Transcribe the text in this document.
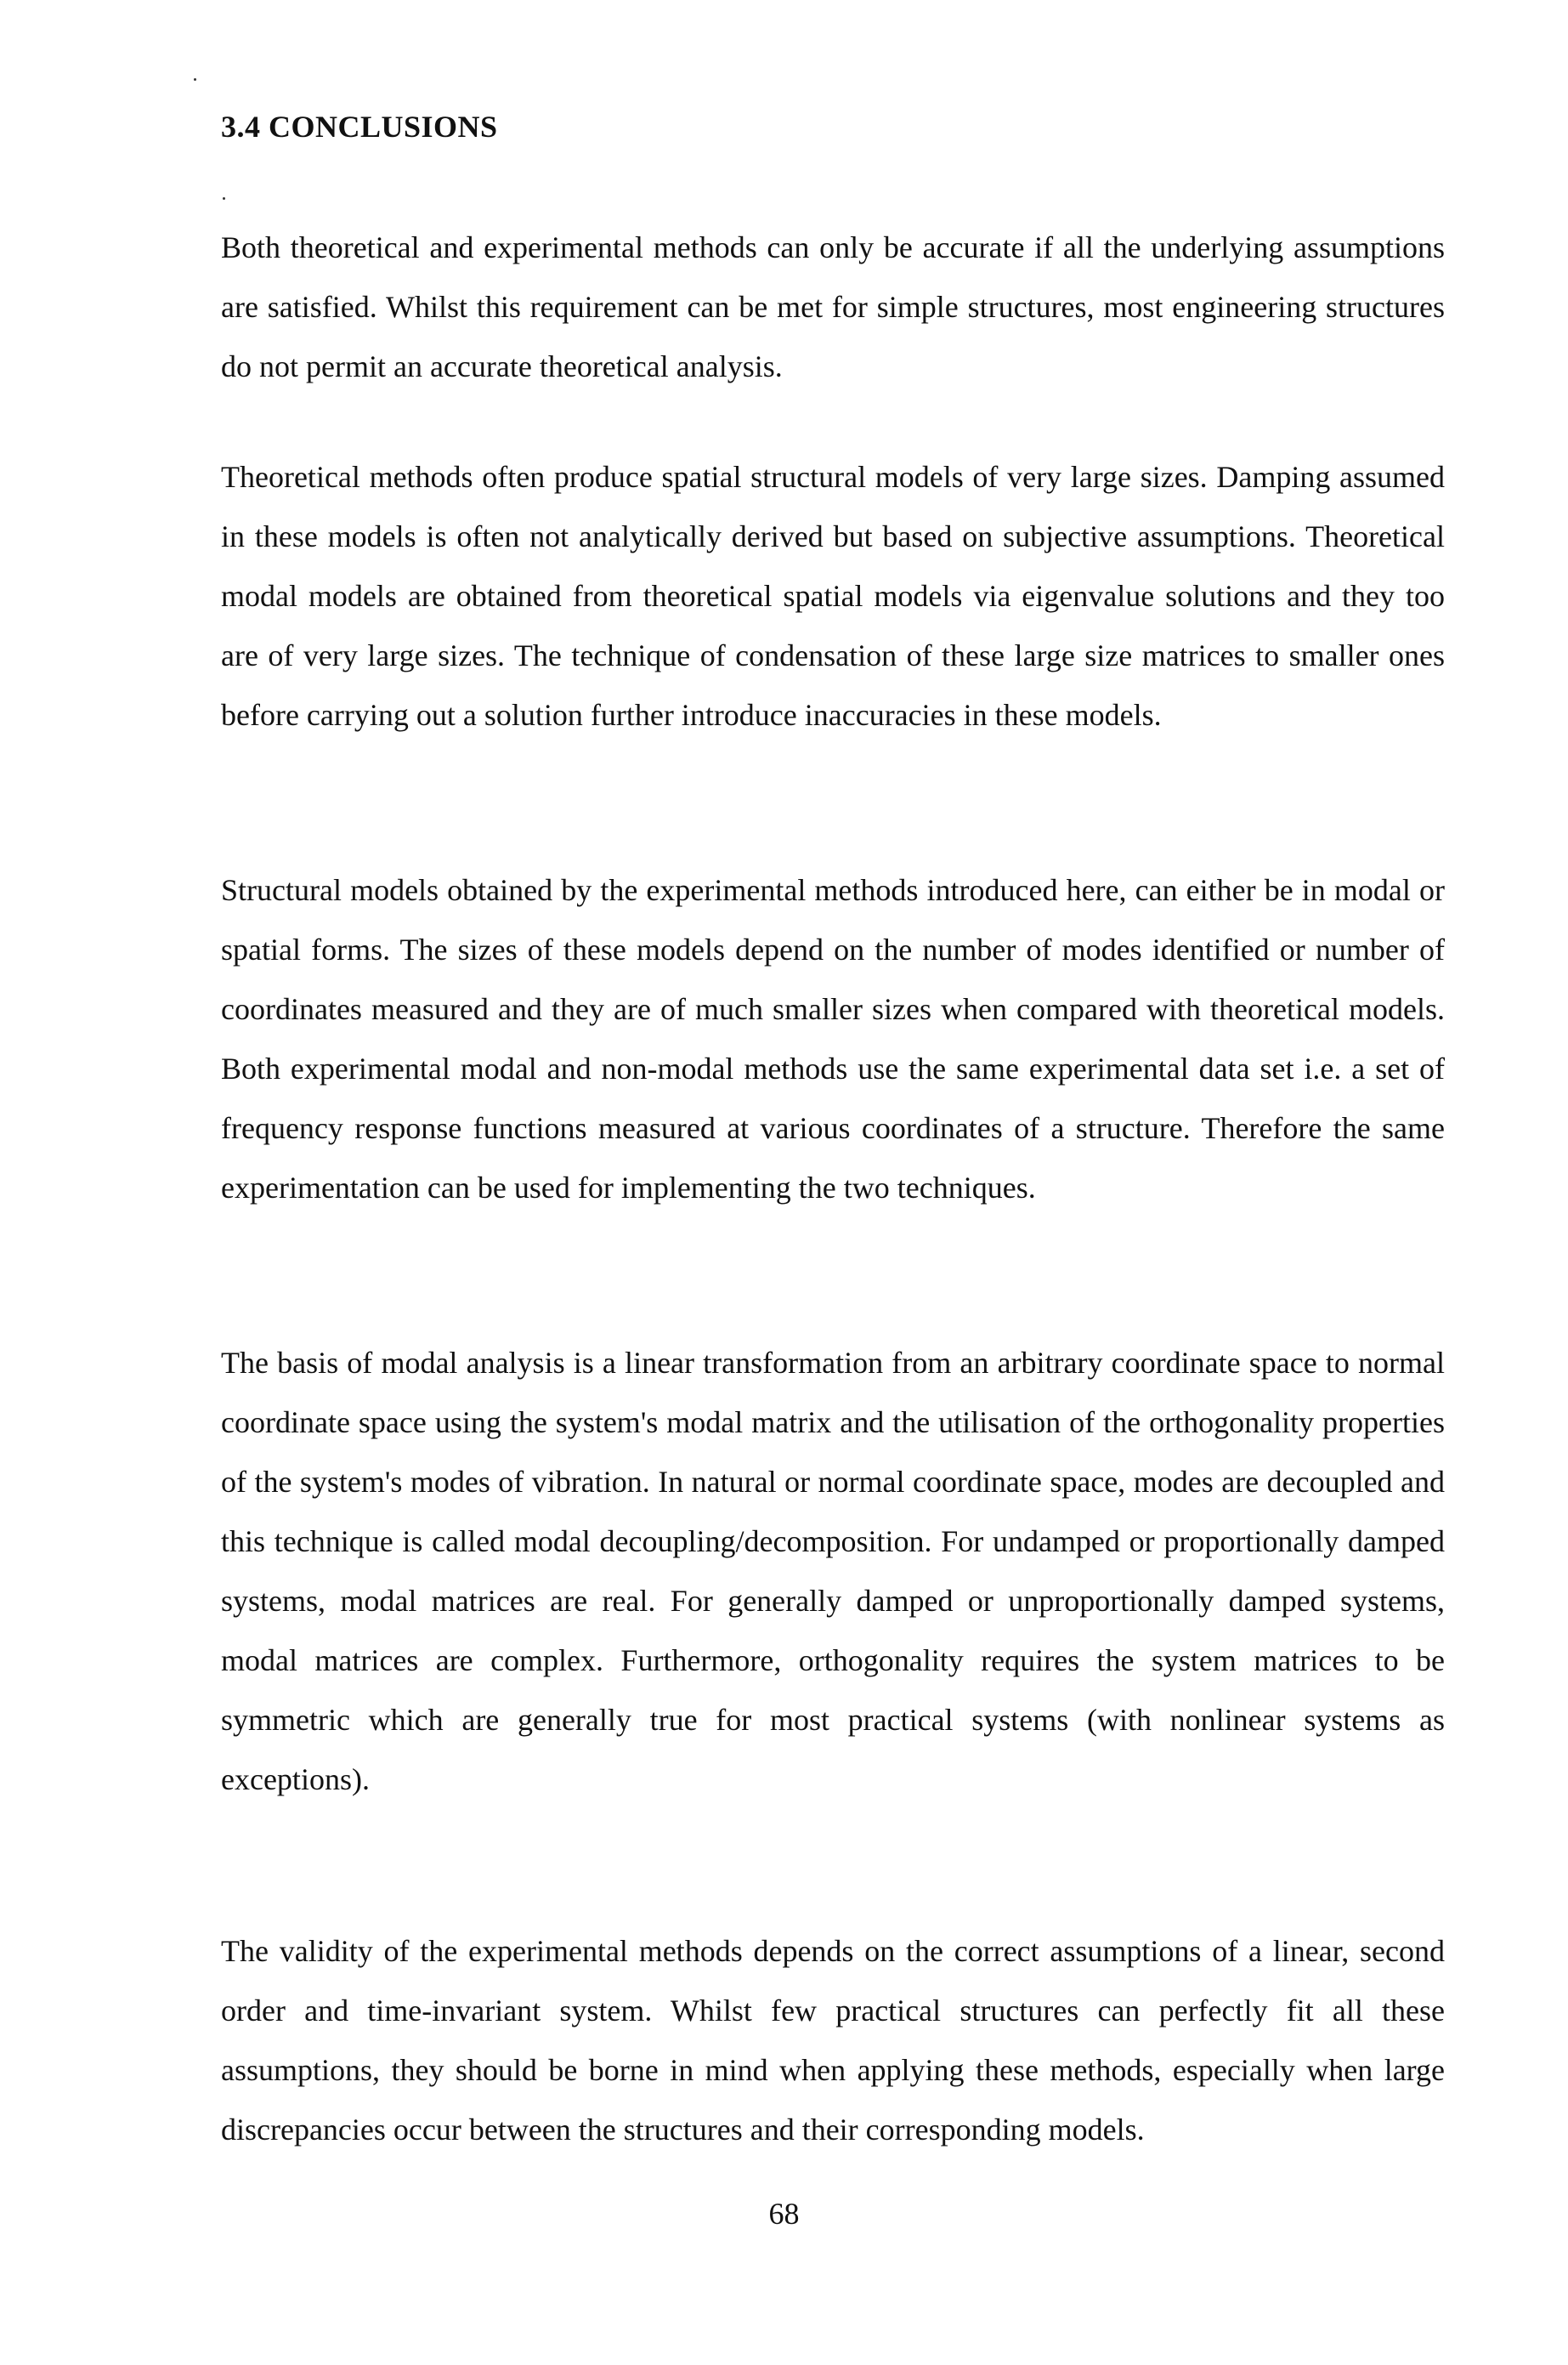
3.4 CONCLUSIONS

Both theoretical and experimental methods can only be accurate if all the underlying assumptions are satisfied. Whilst this requirement can be met for simple structures, most engineering structures do not permit an accurate theoretical analysis.

Theoretical methods often produce spatial structural models of very large sizes. Damping assumed in these models is often not analytically derived but based on subjective assumptions. Theoretical modal models are obtained from theoretical spatial models via eigenvalue solutions and they too are of very large sizes. The technique of condensation of these large size matrices to smaller ones before carrying out a solution further introduce inaccuracies in these models.

Structural models obtained by the experimental methods introduced here, can either be in modal or spatial forms. The sizes of these models depend on the number of modes identified or number of coordinates measured and they are of much smaller sizes when compared with theoretical models. Both experimental modal and non-modal methods use the same experimental data set i.e. a set of frequency response functions measured at various coordinates of a structure. Therefore the same experimentation can be used for implementing the two techniques.

The basis of modal analysis is a linear transformation from an arbitrary coordinate space to normal coordinate space using the system's modal matrix and the utilisation of the orthogonality properties of the system's modes of vibration. In natural or normal coordinate space, modes are decoupled and this technique is called modal decoupling/decomposition. For undamped or proportionally damped systems, modal matrices are real. For generally damped or unproportionally damped systems, modal matrices are complex. Furthermore, orthogonality requires the system matrices to be symmetric which are generally true for most practical systems (with nonlinear systems as exceptions).

The validity of the experimental methods depends on the correct assumptions of a linear, second order and time-invariant system. Whilst few practical structures can perfectly fit all these assumptions, they should be borne in mind when applying these methods, especially when large discrepancies occur between the structures and their corresponding models.

68
